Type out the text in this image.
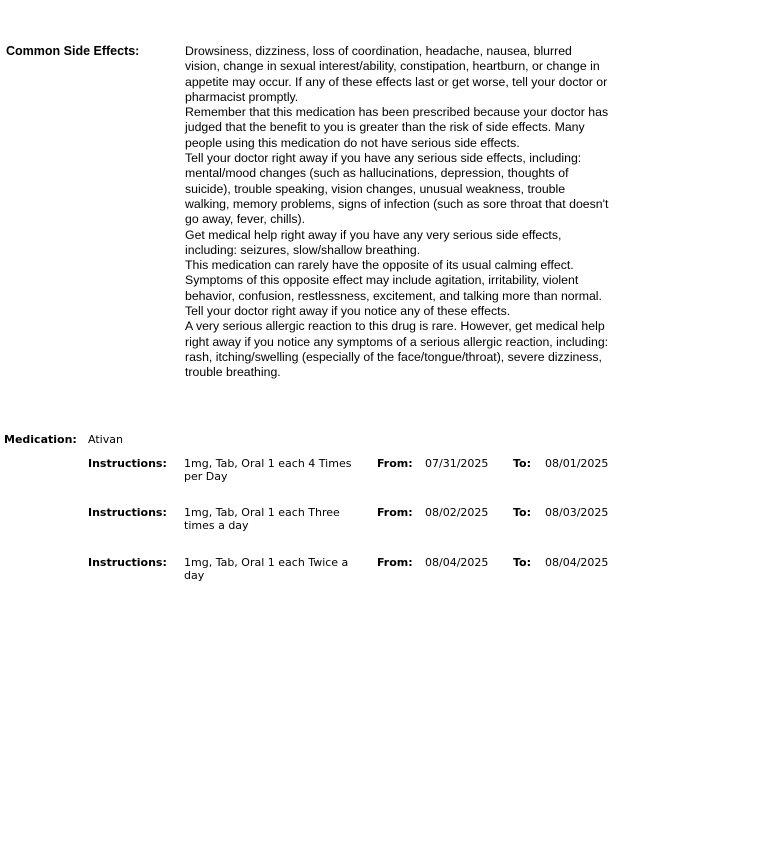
Common Side Effects:	Drowsiness, dizziness, loss of coordination, headache, nausea, blurred vision, change in sexual interest/ability, constipation, heartburn, or change in appetite may occur. If any of these effects last or get worse, tell your doctor or pharmacist promptly.

Remember that this medication has been prescribed because your doctor has judged that the benefit to you is greater than the risk of side effects. Many people using this medication do not have serious side effects.

Tell your doctor right away if you have any serious side effects, including: mental/mood changes (such as hallucinations, depression, thoughts of suicide), trouble speaking, vision changes, unusual weakness, trouble walking, memory problems, signs of infection (such as sore throat that doesn't go away, fever, chills).

Get medical help right away if you have any very serious side effects, including: seizures, slow/shallow breathing.

This medication can rarely have the opposite of its usual calming effect. Symptoms of this opposite effect may include agitation, irritability, violent behavior, confusion, restlessness, excitement, and talking more than normal. Tell your doctor right away if you notice any of these effects.

A very serious allergic reaction to this drug is rare. However, get medical help right away if you notice any symptoms of a serious allergic reaction, including: rash, itching/swelling (especially of the face/tongue/throat), severe dizziness, trouble breathing.

Medication: Ativan
Instructions: 1mg, Tab, Oral 1 each 4 Times per Day
From: 07/31/2025 To: 08/01/2025
Instructions: 1mg, Tab, Oral 1 each Three times a day
From: 08/02/2025 To: 08/03/2025
Instructions: 1mg, Tab, Oral 1 each Twice a day
From: 08/04/2025 To: 08/04/2025
